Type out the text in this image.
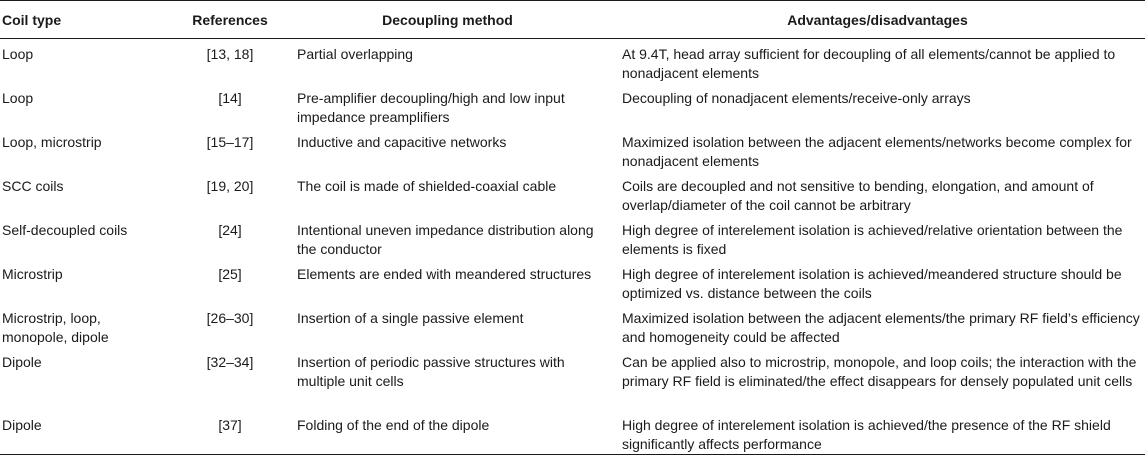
Coil type	References	Decoupling method	Advantages/disadvantages
Loop	[13, 18]	Partial overlapping	At 9.4T, head array sufficient for decoupling of all elements/cannot be applied to nonadjacent elements
Loop	[14]	Pre-amplifier decoupling/high and low input impedance preamplifiers	Decoupling of nonadjacent elements/receive-only arrays
Loop, microstrip	[15–17]	Inductive and capacitive networks	Maximized isolation between the adjacent elements/networks become complex for nonadjacent elements
SCC coils	[19, 20]	The coil is made of shielded-coaxial cable	Coils are decoupled and not sensitive to bending, elongation, and amount of overlap/diameter of the coil cannot be arbitrary
Self-decoupled coils	[24]	Intentional uneven impedance distribution along the conductor	High degree of interelement isolation is achieved/relative orientation between the elements is fixed
Microstrip	[25]	Elements are ended with meandered structures	High degree of interelement isolation is achieved/meandered structure should be optimized vs. distance between the coils
Microstrip, loop, monopole, dipole	[26–30]	Insertion of a single passive element	Maximized isolation between the adjacent elements/the primary RF field’s efficiency and homogeneity could be affected
Dipole	[32–34]	Insertion of periodic passive structures with multiple unit cells	Can be applied also to microstrip, monopole, and loop coils; the interaction with the primary RF field is eliminated/the effect disappears for densely populated unit cells
Dipole	[37]	Folding of the end of the dipole	High degree of interelement isolation is achieved/the presence of the RF shield significantly affects performance
